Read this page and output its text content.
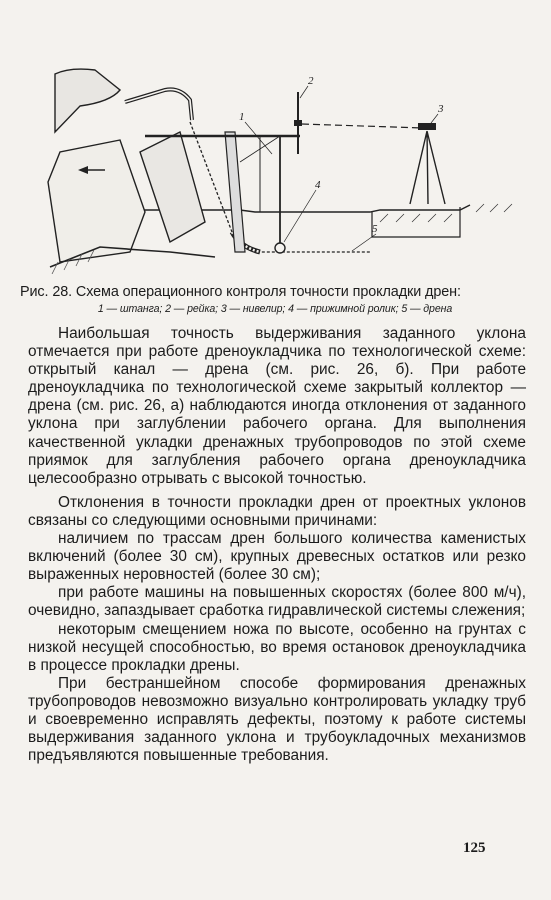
1
2
3
4
5
Рис. 28. Схема операционного контроля точности прокладки дрен:
1 — штанга; 2 — рейка; 3 — нивелир; 4 — прижимной ролик; 5 — дрена

Наибольшая точность выдерживания заданного уклона отмечается при работе дреноукладчика по технологической схеме: открытый канал — дрена (см. рис. 26, б). При работе дреноукладчика по технологической схеме закрытый коллектор — дрена (см. рис. 26, а) наблюдаются иногда отклонения от заданного уклона при заглублении рабочего органа. Для выполнения качественной укладки дренажных трубопроводов по этой схеме приямок для заглубления рабочего органа дреноукладчика целесообразно отрывать с высокой точностью.

Отклонения в точности прокладки дрен от проектных уклонов связаны со следующими основными причинами:

наличием по трассам дрен большого количества каменистых включений (более 30 см), крупных древесных остатков или резко выраженных неровностей (более 30 см);

при работе машины на повышенных скоростях (более 800 м/ч), очевидно, запаздывает сработка гидравлической системы слежения;

некоторым смещением ножа по высоте, особенно на грунтах с низкой несущей способностью, во время остановок дреноукладчика в процессе прокладки дрены.

При бестраншейном способе формирования дренажных трубопроводов невозможно визуально контролировать укладку труб и своевременно исправлять дефекты, поэтому к работе системы выдерживания заданного уклона и трубоукладочных механизмов предъявляются повышенные требования.

125
